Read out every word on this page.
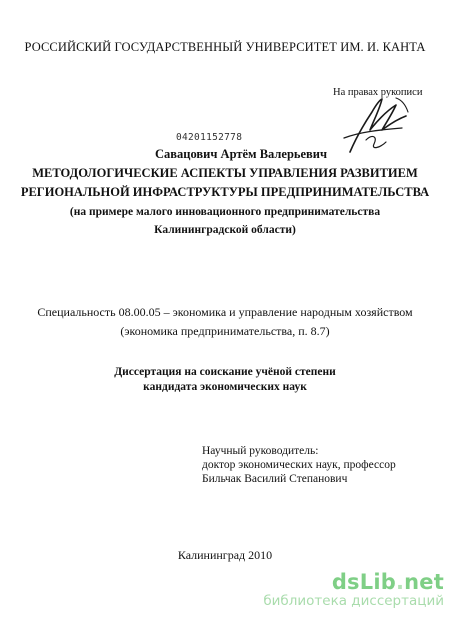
РОССИЙСКИЙ ГОСУДАРСТВЕННЫЙ УНИВЕРСИТЕТ ИМ. И. КАНТА
На правах рукописи
04201152778
Савацович Артём Валерьевич
МЕТОДОЛОГИЧЕСКИЕ АСПЕКТЫ УПРАВЛЕНИЯ РАЗВИТИЕМ
РЕГИОНАЛЬНОЙ ИНФРАСТРУКТУРЫ ПРЕДПРИНИМАТЕЛЬСТВА
(на примере малого инновационного предпринимательства
Калининградской области)
Специальность 08.00.05 – экономика и управление народным хозяйством
(экономика предпринимательства, п. 8.7)
Диссертация на соискание учёной степени
кандидата экономических наук
Научный руководитель:
доктор экономических наук, профессор
Бильчак Василий Степанович
Калининград 2010
dsLib.net
библиотека диссертаций
